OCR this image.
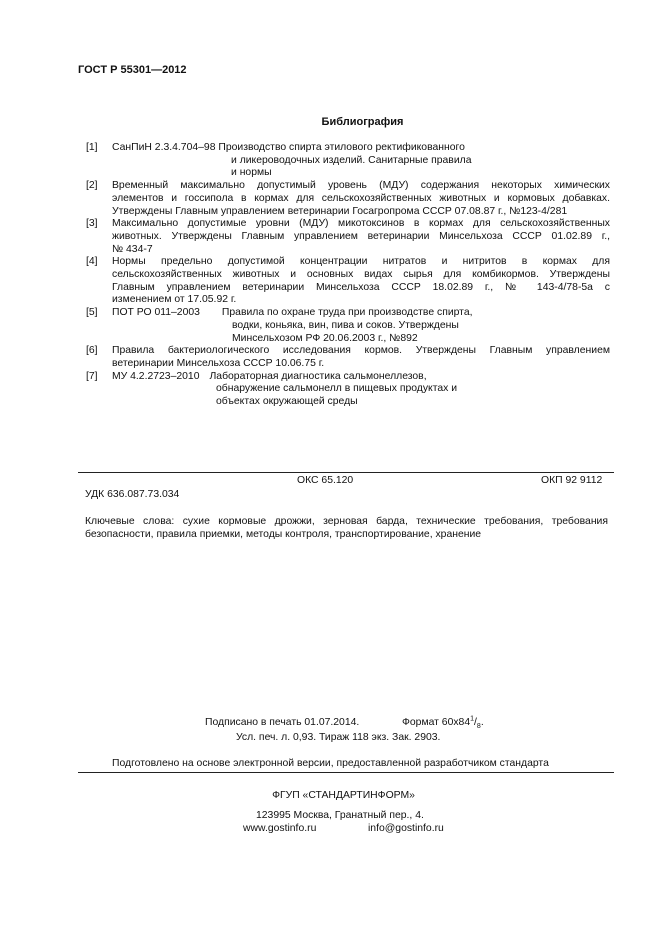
ГОСТ Р 55301—2012
Библиография
[1]	СанПиН 2.3.4.704–98 Производство спирта этилового ректификованного
и ликероводочных изделий. Санитарные правила
и нормы
[2]	Временный максимально допустимый уровень (МДУ) содержания некоторых химических
элементов и госсипола в кормах для сельскохозяйственных животных и кормовых добавках.
Утверждены Главным управлением ветеринарии Госагропрома СССР 07.08.87 г., №123-4/281
[3]	Максимально допустимые уровни (МДУ) микотоксинов в кормах для сельскохозяйственных
животных. Утверждены Главным управлением ветеринарии Минсельхоза СССР 01.02.89 г.,
№ 434-7
[4]	Нормы предельно допустимой концентрации нитратов и нитритов в кормах для
сельскохозяйственных животных и основных видах сырья для комбикормов. Утверждены
Главным управлением ветеринарии Минсельхоза СССР 18.02.89 г., № 143-4/78-5а с
изменением от 17.05.92 г.
[5]	ПОТ РО 011–2003 Правила по охране труда при производстве спирта,
водки, коньяка, вин, пива и соков. Утверждены
Минсельхозом РФ 20.06.2003 г., №892
[6]	Правила бактериологического исследования кормов. Утверждены Главным управлением
ветеринарии Минсельхоза СССР 10.06.75 г.
[7]	МУ 4.2.2723–2010 Лабораторная диагностика сальмонеллезов,
обнаружение сальмонелл в пищевых продуктах и
объектах окружающей среды
ОКС 65.120	ОКП 92 9112
УДК 636.087.73.034
Ключевые слова: сухие кормовые дрожжи, зерновая барда, технические требования, требования
безопасности, правила приемки, методы контроля, транспортирование, хранение
Подписано в печать 01.07.2014.	Формат $60х84^1/_8$.
Усл. печ. л. 0,93. Тираж 118 экз. Зак. 2903.
Подготовлено на основе электронной версии, предоставленной разработчиком стандарта
ФГУП «СТАНДАРТИНФОРМ»
123995 Москва, Гранатный пер., 4.
www.gostinfo.ru	info@gostinfo.ru
